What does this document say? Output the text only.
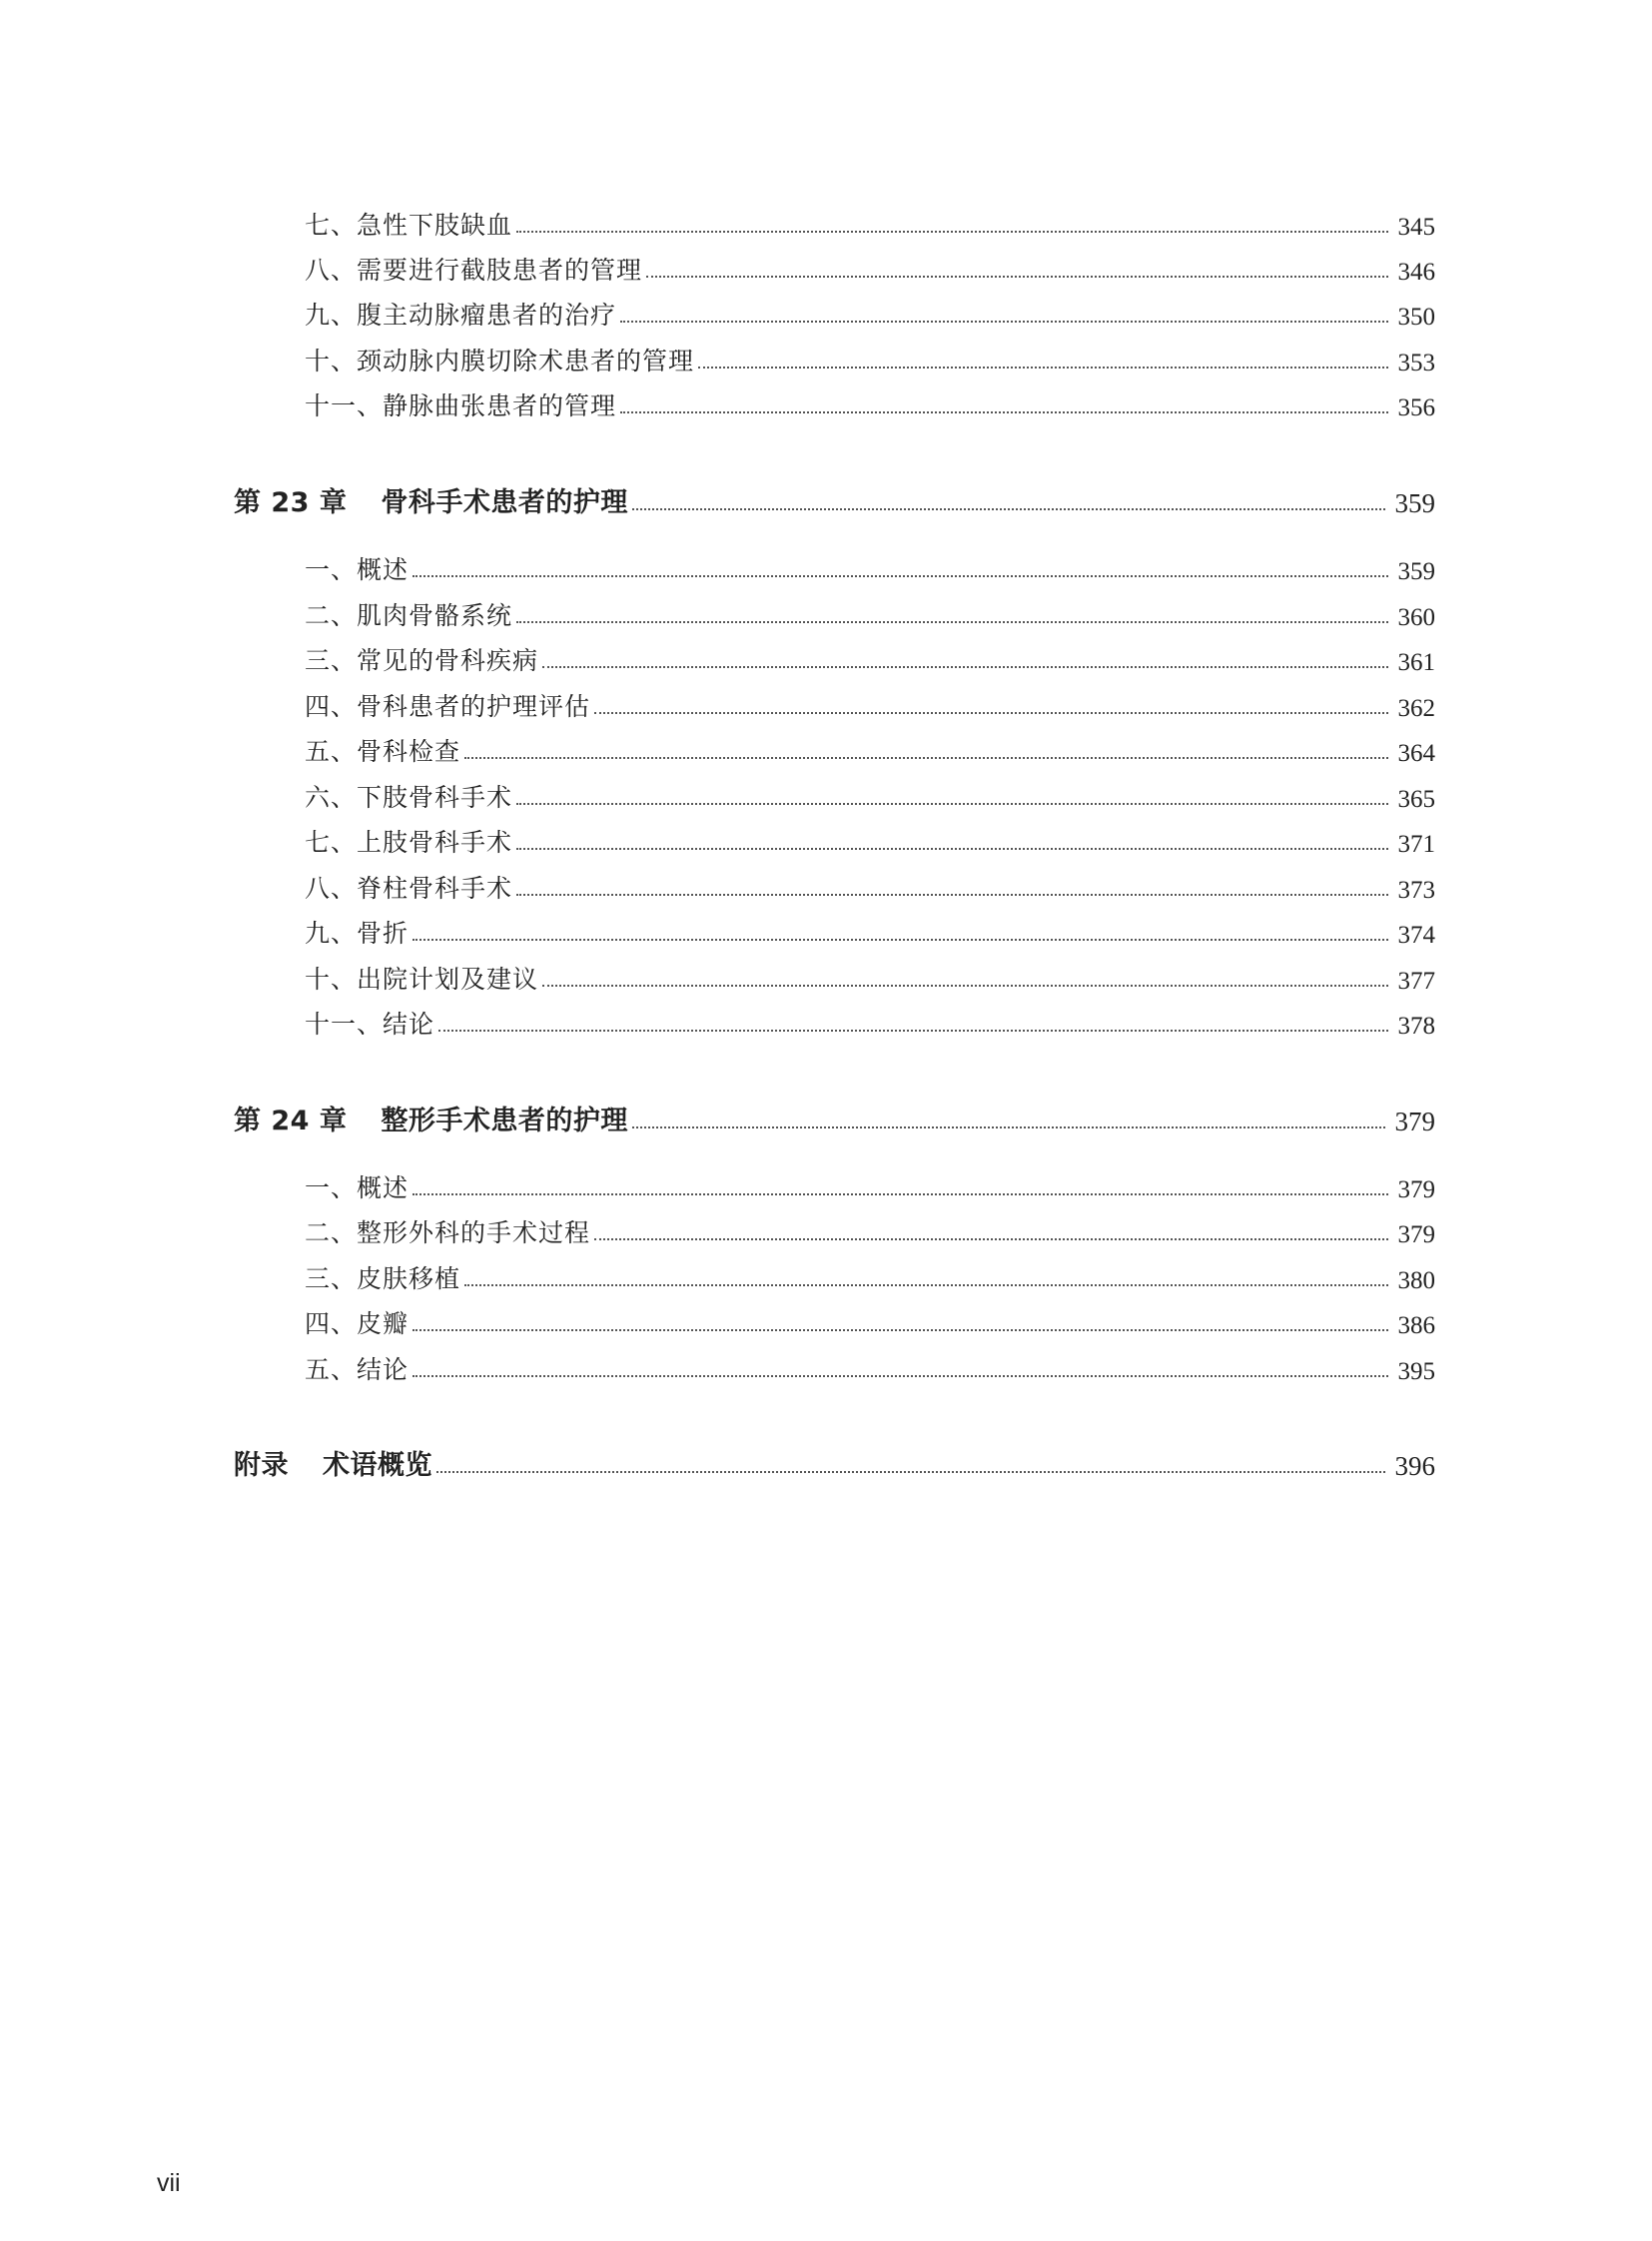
七、急性下肢缺血	345
八、需要进行截肢患者的管理	346
九、腹主动脉瘤患者的治疗	350
十、颈动脉内膜切除术患者的管理	353
十一、静脉曲张患者的管理	356
第 23 章 骨科手术患者的护理	359
一、概述	359
二、肌肉骨骼系统	360
三、常见的骨科疾病	361
四、骨科患者的护理评估	362
五、骨科检查	364
六、下肢骨科手术	365
七、上肢骨科手术	371
八、脊柱骨科手术	373
九、骨折	374
十、出院计划及建议	377
十一、结论	378
第 24 章 整形手术患者的护理	379
一、概述	379
二、整形外科的手术过程	379
三、皮肤移植	380
四、皮瓣	386
五、结论	395
附录 术语概览	396
vii
